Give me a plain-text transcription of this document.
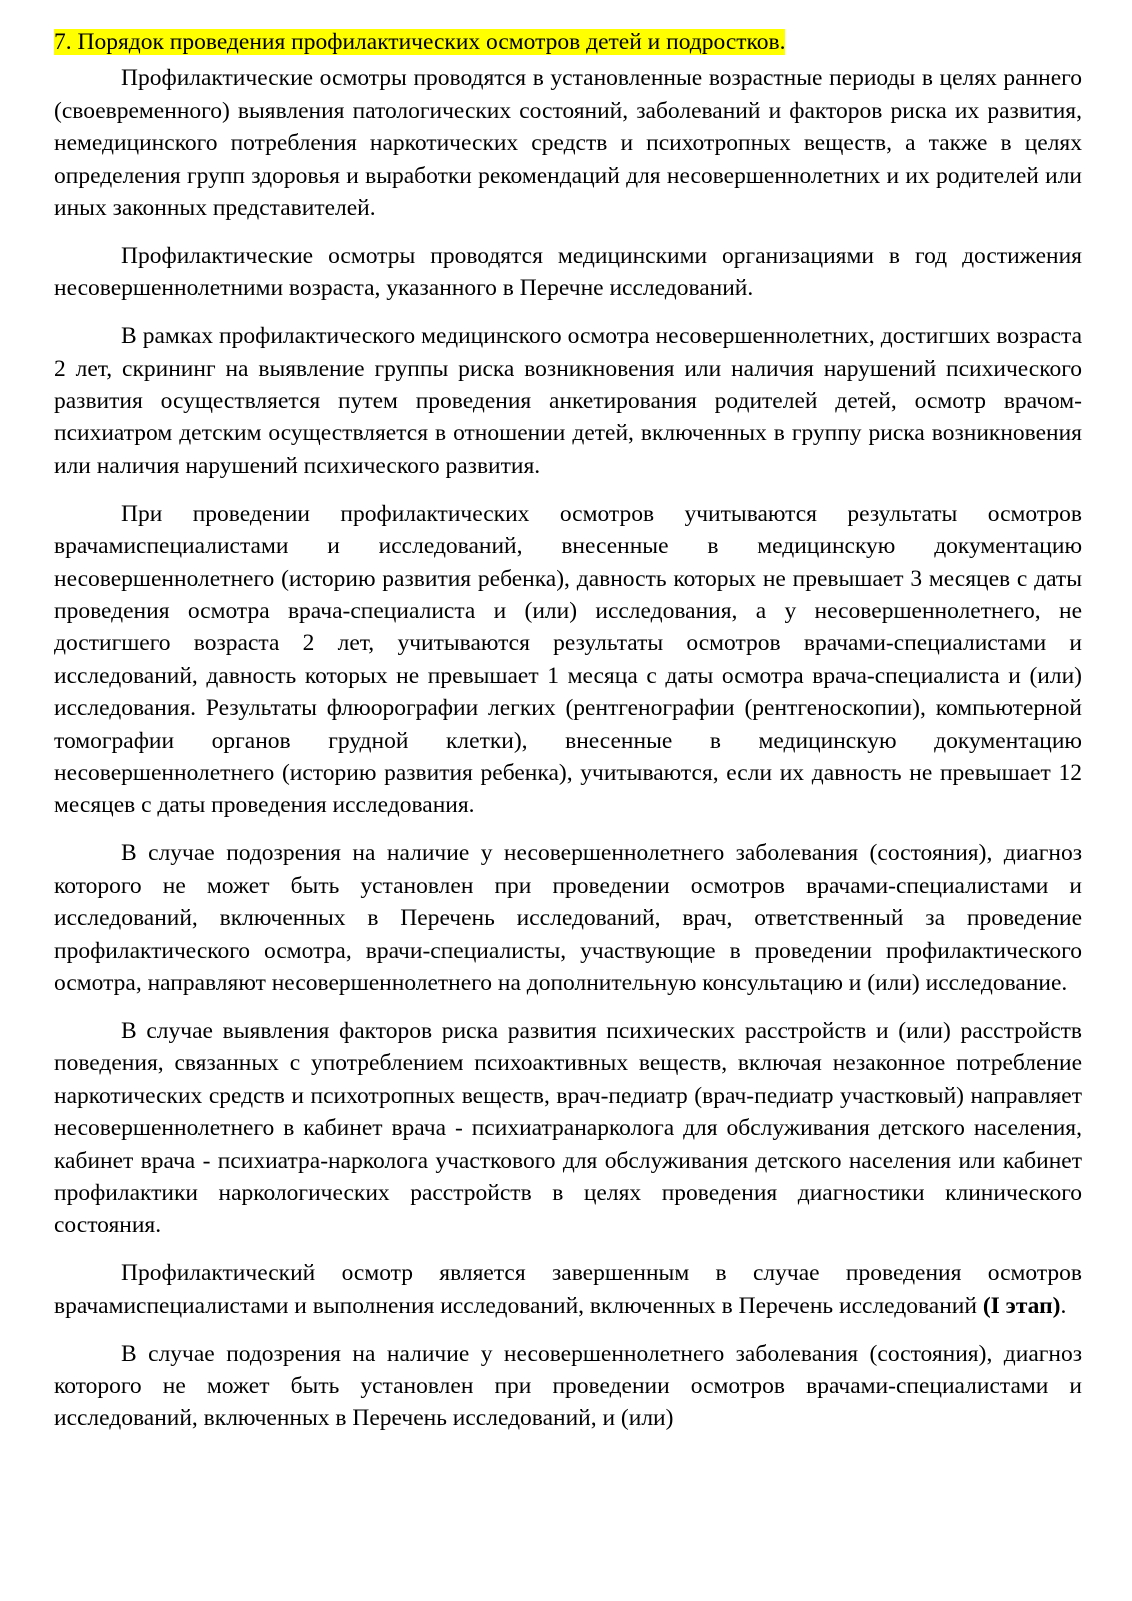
7. Порядок проведения профилактических осмотров детей и подростков.

Профилактические осмотры проводятся в установленные возрастные периоды в целях раннего (своевременного) выявления патологических состояний, заболеваний и факторов риска их развития, немедицинского потребления наркотических средств и психотропных веществ, а также в целях определения групп здоровья и выработки рекомендаций для несовершеннолетних и их родителей или иных законных представителей.

Профилактические осмотры проводятся медицинскими организациями в год достижения несовершеннолетними возраста, указанного в Перечне исследований.

В рамках профилактического медицинского осмотра несовершеннолетних, достигших возраста 2 лет, скрининг на выявление группы риска возникновения или наличия нарушений психического развития осуществляется путем проведения анкетирования родителей детей, осмотр врачом-психиатром детским осуществляется в отношении детей, включенных в группу риска возникновения или наличия нарушений психического развития.

При проведении профилактических осмотров учитываются результаты осмотров врачамиспециалистами и исследований, внесенные в медицинскую документацию несовершеннолетнего (историю развития ребенка), давность которых не превышает 3 месяцев с даты проведения осмотра врача-специалиста и (или) исследования, а у несовершеннолетнего, не достигшего возраста 2 лет, учитываются результаты осмотров врачами-специалистами и исследований, давность которых не превышает 1 месяца с даты осмотра врача-специалиста и (или) исследования. Результаты флюорографии легких (рентгенографии (рентгеноскопии), компьютерной томографии органов грудной клетки), внесенные в медицинскую документацию несовершеннолетнего (историю развития ребенка), учитываются, если их давность не превышает 12 месяцев с даты проведения исследования.

В случае подозрения на наличие у несовершеннолетнего заболевания (состояния), диагноз которого не может быть установлен при проведении осмотров врачами-специалистами и исследований, включенных в Перечень исследований, врач, ответственный за проведение профилактического осмотра, врачи-специалисты, участвующие в проведении профилактического осмотра, направляют несовершеннолетнего на дополнительную консультацию и (или) исследование.

В случае выявления факторов риска развития психических расстройств и (или) расстройств поведения, связанных с употреблением психоактивных веществ, включая незаконное потребление наркотических средств и психотропных веществ, врач-педиатр (врач-педиатр участковый) направляет несовершеннолетнего в кабинет врача - психиатранарколога для обслуживания детского населения, кабинет врача - психиатра-нарколога участкового для обслуживания детского населения или кабинет профилактики наркологических расстройств в целях проведения диагностики клинического состояния.

Профилактический осмотр является завершенным в случае проведения осмотров врачамиспециалистами и выполнения исследований, включенных в Перечень исследований (I этап).

В случае подозрения на наличие у несовершеннолетнего заболевания (состояния), диагноз которого не может быть установлен при проведении осмотров врачами-специалистами и исследований, включенных в Перечень исследований, и (или)
